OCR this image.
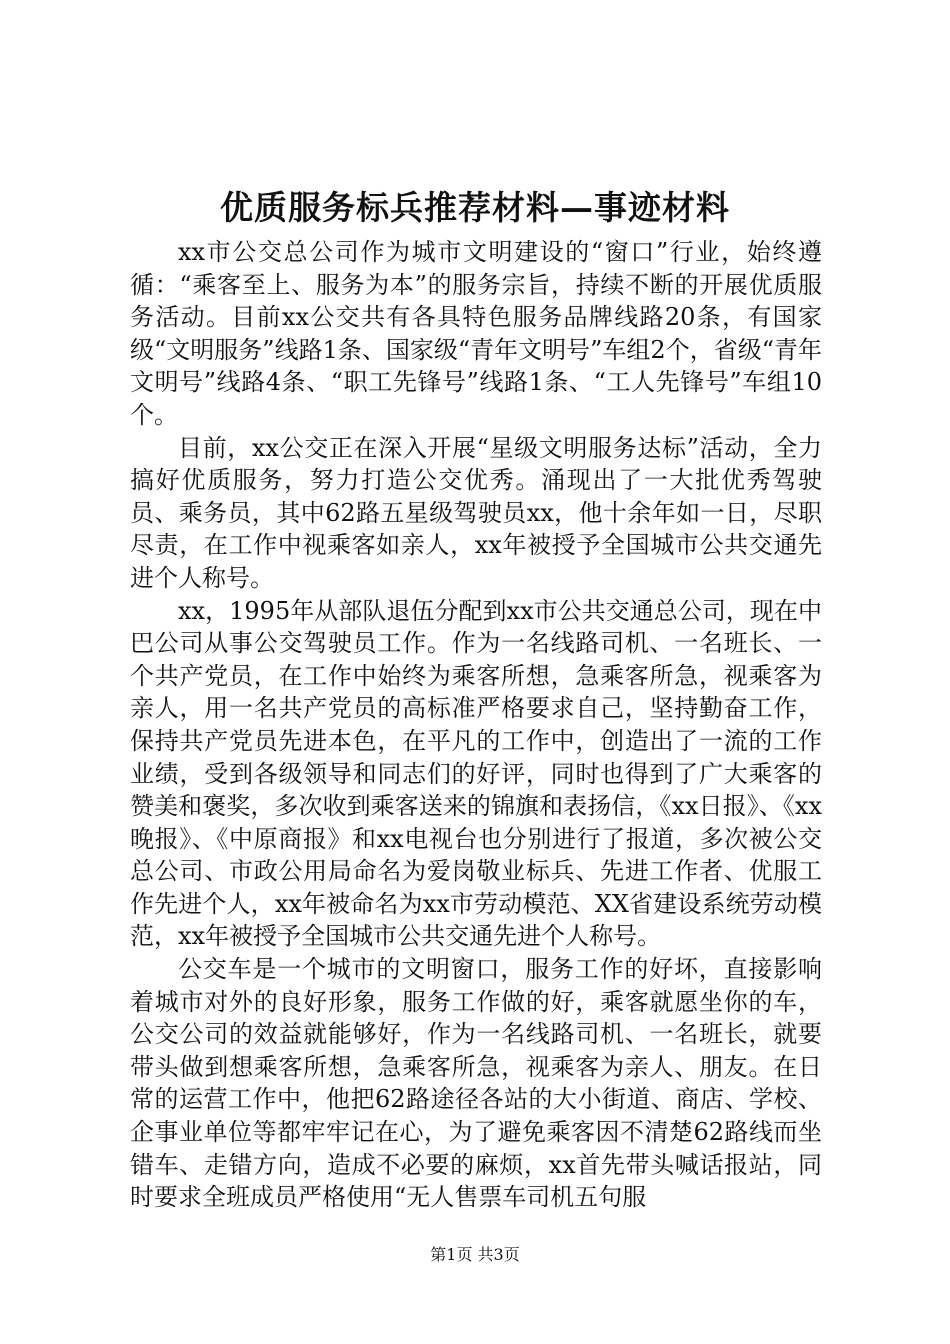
优质服务标兵推荐材料—事迹材料

xx市公交总公司作为城市文明建设的“窗口”行业，始终遵循：“乘客至上、服务为本”的服务宗旨，持续不断的开展优质服务活动。目前xx公交共有各具特色服务品牌线路20条，有国家级“文明服务”线路1条、国家级“青年文明号”车组2个，省级“青年文明号”线路4条、“职工先锋号”线路1条、“工人先锋号”车组10个。

目前，xx公交正在深入开展“星级文明服务达标”活动，全力搞好优质服务，努力打造公交优秀。涌现出了一大批优秀驾驶员、乘务员，其中62路五星级驾驶员xx，他十余年如一日，尽职尽责，在工作中视乘客如亲人，xx年被授予全国城市公共交通先进个人称号。

xx，1995年从部队退伍分配到xx市公共交通总公司，现在中巴公司从事公交驾驶员工作。作为一名线路司机、一名班长、一个共产党员，在工作中始终为乘客所想，急乘客所急，视乘客为亲人，用一名共产党员的高标准严格要求自己，坚持勤奋工作，保持共产党员先进本色，在平凡的工作中，创造出了一流的工作业绩，受到各级领导和同志们的好评，同时也得到了广大乘客的赞美和褒奖，多次收到乘客送来的锦旗和表扬信，《xx日报》、《xx晚报》、《中原商报》和xx电视台也分别进行了报道，多次被公交总公司、市政公用局命名为爱岗敬业标兵、先进工作者、优服工作先进个人，xx年被命名为xx市劳动模范、XX省建设系统劳动模范，xx年被授予全国城市公共交通先进个人称号。

公交车是一个城市的文明窗口，服务工作的好坏，直接影响着城市对外的良好形象，服务工作做的好，乘客就愿坐你的车，公交公司的效益就能够好，作为一名线路司机、一名班长，就要带头做到想乘客所想，急乘客所急，视乘客为亲人、朋友。在日常的运营工作中，他把62路途径各站的大小街道、商店、学校、企事业单位等都牢牢记在心，为了避免乘客因不清楚62路线而坐错车、走错方向，造成不必要的麻烦，xx首先带头喊话报站，同时要求全班成员严格使用“无人售票车司机五句服

第1页 共3页
